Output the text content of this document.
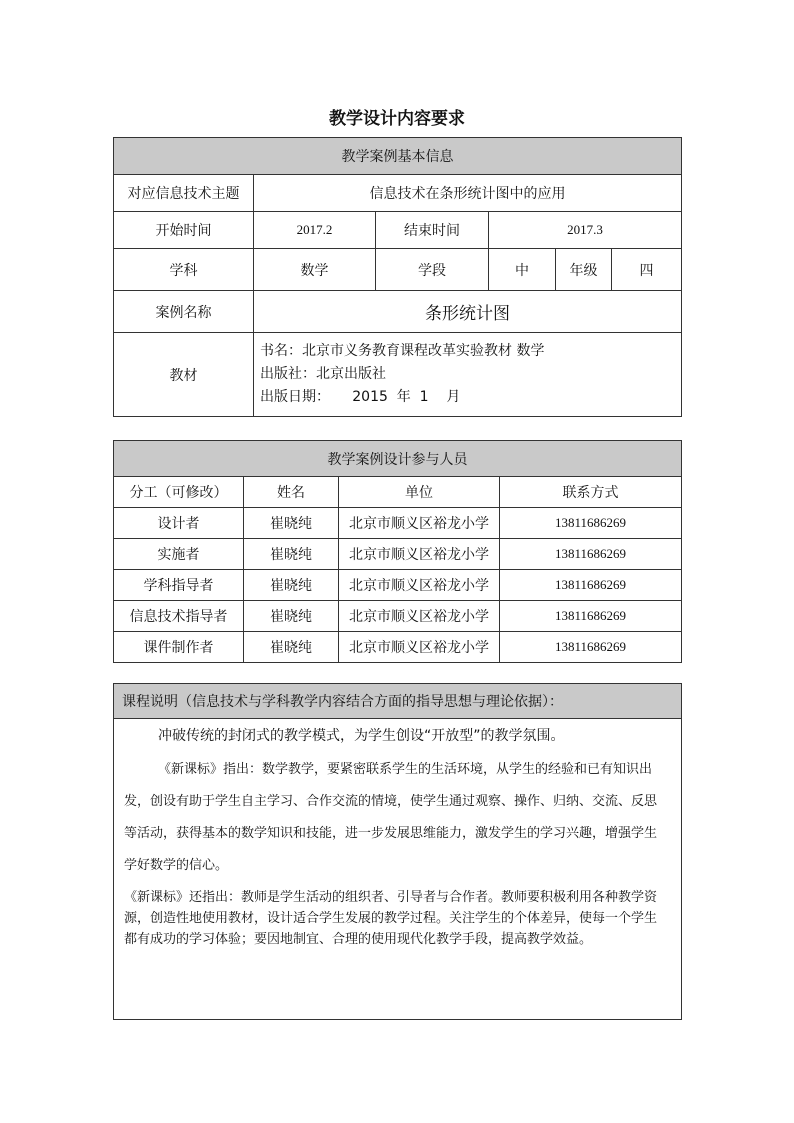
教学设计内容要求
教学案例基本信息					
对应信息技术主题	信息技术在条形统计图中的应用				
开始时间	2017.2	结束时间	2017.3		
学科	数学	学段	中	年级	四
案例名称	条形统计图				
教材	书名：北京市义务教育课程改革实验教材 数学
出版社：北京出版社
出版日期：     2015  年  1    月				
教学案例设计参与人员			
分工（可修改）	姓名	单位	联系方式
设计者	崔晓纯	北京市顺义区裕龙小学	13811686269
实施者	崔晓纯	北京市顺义区裕龙小学	13811686269
学科指导者	崔晓纯	北京市顺义区裕龙小学	13811686269
信息技术指导者	崔晓纯	北京市顺义区裕龙小学	13811686269
课件制作者	崔晓纯	北京市顺义区裕龙小学	13811686269
课程说明（信息技术与学科教学内容结合方面的指导思想与理论依据）：

冲破传统的封闭式的教学模式，为学生创设“开放型”的教学氛围。

《新课标》指出：数学教学，要紧密联系学生的生活环境，从学生的经验和已有知识出发，创设有助于学生自主学习、合作交流的情境，使学生通过观察、操作、归纳、交流、反思等活动，获得基本的数学知识和技能，进一步发展思维能力，激发学生的学习兴趣，增强学生学好数学的信心。

《新课标》还指出：教师是学生活动的组织者、引导者与合作者。教师要积极利用各种教学资源，创造性地使用教材，设计适合学生发展的教学过程。关注学生的个体差异，使每一个学生都有成功的学习体验；要因地制宜、合理的使用现代化教学手段，提高教学效益。
